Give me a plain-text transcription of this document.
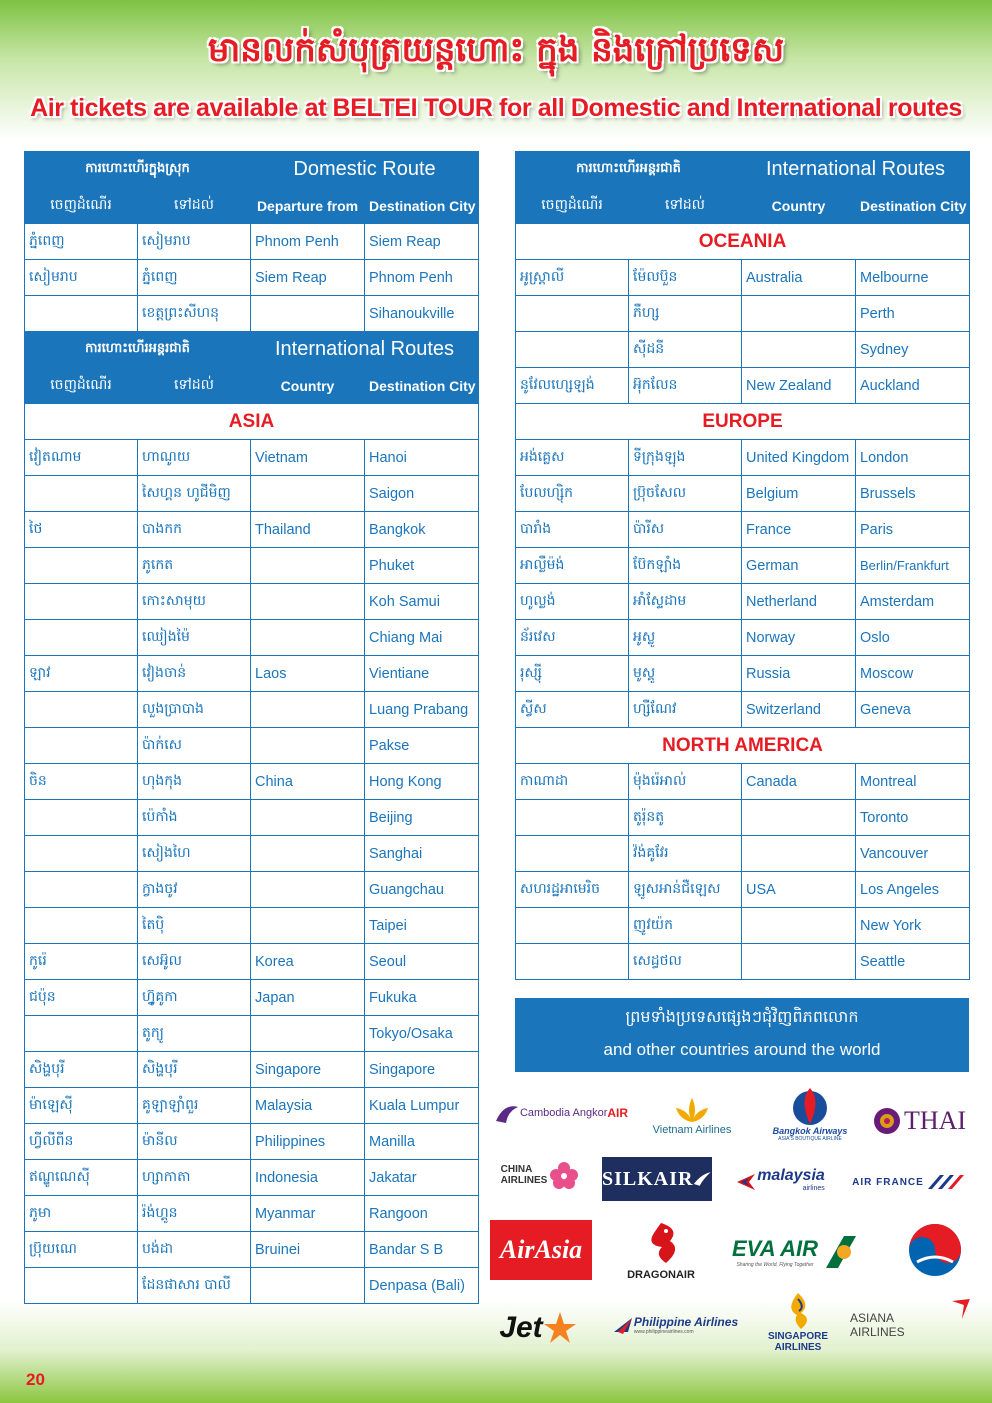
មានលក់សំបុត្រយន្តហោះ ក្នុង និងក្រៅប្រទេស
Air tickets are available at BELTEI TOUR for all Domestic and International routes
ការហោះហើរក្នុងស្រុក		Domestic Route	
ចេញដំណើរ	ទៅដល់	Departure from	Destination City
ភ្នំពេញ	សៀមរាប	Phnom Penh	Siem Reap
សៀមរាប	ភ្នំពេញ	Siem Reap	Phnom Penh
	ខេត្តព្រះសីហនុ		Sihanoukville
ការហោះហើរអន្តរជាតិ		International Routes	
ចេញដំណើរ	ទៅដល់	Country	Destination City
ASIA			
វៀតណាម	ហាណូយ	Vietnam	Hanoi
	សៃហ្គន ហូជីមិញ		Saigon
ថៃ	បាងកក	Thailand	Bangkok
	ភូកេត		Phuket
	កោះសាមុយ		Koh Samui
	ឈៀងម៉ៃ		Chiang Mai
ឡាវ	វៀងចាន់	Laos	Vientiane
	លួងប្រាបាង		Luang Prabang
	ប៉ាក់សេ		Pakse
ចិន	ហុងកុង	China	Hong Kong
	ប៉េកាំង		Beijing
	សៀងហៃ		Sanghai
	ក្វាងចូវ		Guangchau
	តៃប៉ិ		Taipei
កូរ៉េ	សេអ៊ូល	Korea	Seoul
ជប៉ុន	ហ្វ៊ូគូកា	Japan	Fukuka
	តូក្យូ		Tokyo/Osaka
សិង្ហបុរី	សិង្ហបុរី	Singapore	Singapore
ម៉ាឡេស៊ី	គូឡាឡាំពួរ	Malaysia	Kuala Lumpur
ហ្វីលីពីន	ម៉ានីល	Philippines	Manilla
ឥណ្ឌូណេស៊ី	ហ្សាកាតា	Indonesia	Jakatar
ភូមា	រ៉ង់ហ្គូន	Myanmar	Rangoon
ប្រ៊ុយណេ	បង់ដា	Bruinei	Bandar S B
	ដែនផាសារ បាលី		Denpasa (Bali)
ការហោះហើរអន្តរជាតិ		International Routes	
ចេញដំណើរ	ទៅដល់	Country	Destination City
OCEANIA			
អូស្ត្រាលី	ម៉ែលប៊ួន	Australia	Melbourne
	ភឺហ្ស		Perth
	ស៊ីដនី		Sydney
នូវែលហ្សេឡង់	អ៊ុកលែន	New Zealand	Auckland
EUROPE			
អង់គ្លេស	ទីក្រុងឡុង	United Kingdom	London
បែលហ្ស៊ិក	ប្រ៊ុចសែល	Belgium	Brussels
បារាំង	ប៉ារីស	France	Paris
អាល្លឺម៉ង់	ប៊ែកឡាំង	German	Berlin/Frankfurt
ហូល្លង់	អាំស្ទែដាម	Netherland	Amsterdam
ន័រវេស	អូស្លូ	Norway	Oslo
រុស្ស៊ី	មូស្គូ	Russia	Moscow
ស្វីស	ហ្សឺណែវ	Switzerland	Geneva
NORTH AMERICA			
កាណាដា	ម៉ុងរ៉េអាល់	Canada	Montreal
	តូរ៉ុនតូ		Toronto
	វ៉ង់គូវែរ		Vancouver
សហរដ្ឋអាមេរិច	ឡូសអាន់ជឺឡេស	USA	Los Angeles
	ញូវយ៉ក		New York
	សេដ្ធថល		Seattle
ព្រមទាំងប្រទេសផ្សេងៗជុំវិញពិភពលោក
and other countries around the world
Cambodia Angkor AIR
Vietnam Airlines	Bangkok Airways
ASIA'S BOUTIQUE AIRLINE
THAI
CHINA
AIRLINES	SILKAIR	malaysia
airlines
AIR FRANCE
AirAsia
DRAGONAIR
EVA AIR
Sharing the World, Flying Together
Jet	Philippine Airlines
www.philippineairlines.com	SINGAPORE
AIRLINES
ASIANA AIRLINES
20
